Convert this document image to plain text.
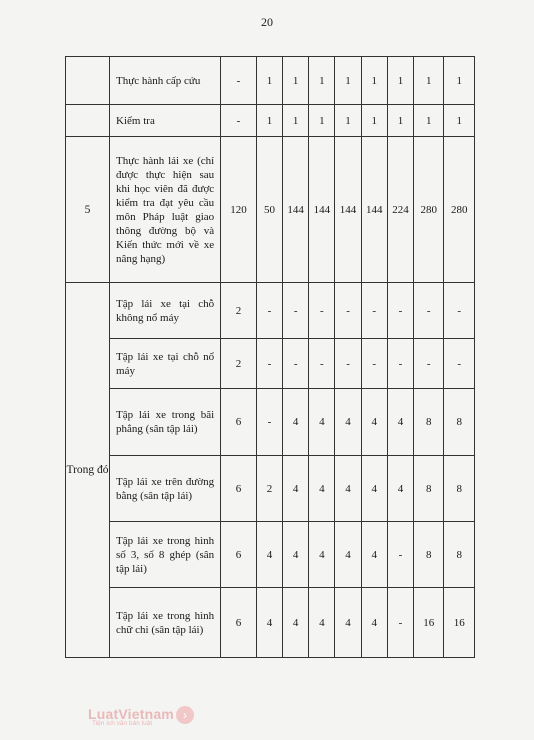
20
	Thực hành cấp cứu	-	1	1	1	1	1	1	1	1
	Kiểm tra	-	1	1	1	1	1	1	1	1
5	Thực hành lái xe (chỉ được thực hiện sau khi học viên đã được kiểm tra đạt yêu cầu môn Pháp luật giao thông đường bộ và Kiến thức mới về xe nâng hạng)	120	50	144	144	144	144	224	280	280
Trong đó	Tập lái xe tại chỗ không nổ máy	2	-	-	-	-	-	-	-	-
	Tập lái xe tại chỗ nổ máy	2	-	-	-	-	-	-	-	-
	Tập lái xe trong bãi phẳng (sân tập lái)	6	-	4	4	4	4	4	8	8
	Tập lái xe trên đường bằng (sân tập lái)	6	2	4	4	4	4	4	8	8
	Tập lái xe trong hình số 3, số 8 ghép (sân tập lái)	6	4	4	4	4	4	-	8	8
	Tập lái xe trong hình chữ chi (sân tập lái)	6	4	4	4	4	4	-	16	16
LuatVietnam
Tiện ích văn bản luật
›
